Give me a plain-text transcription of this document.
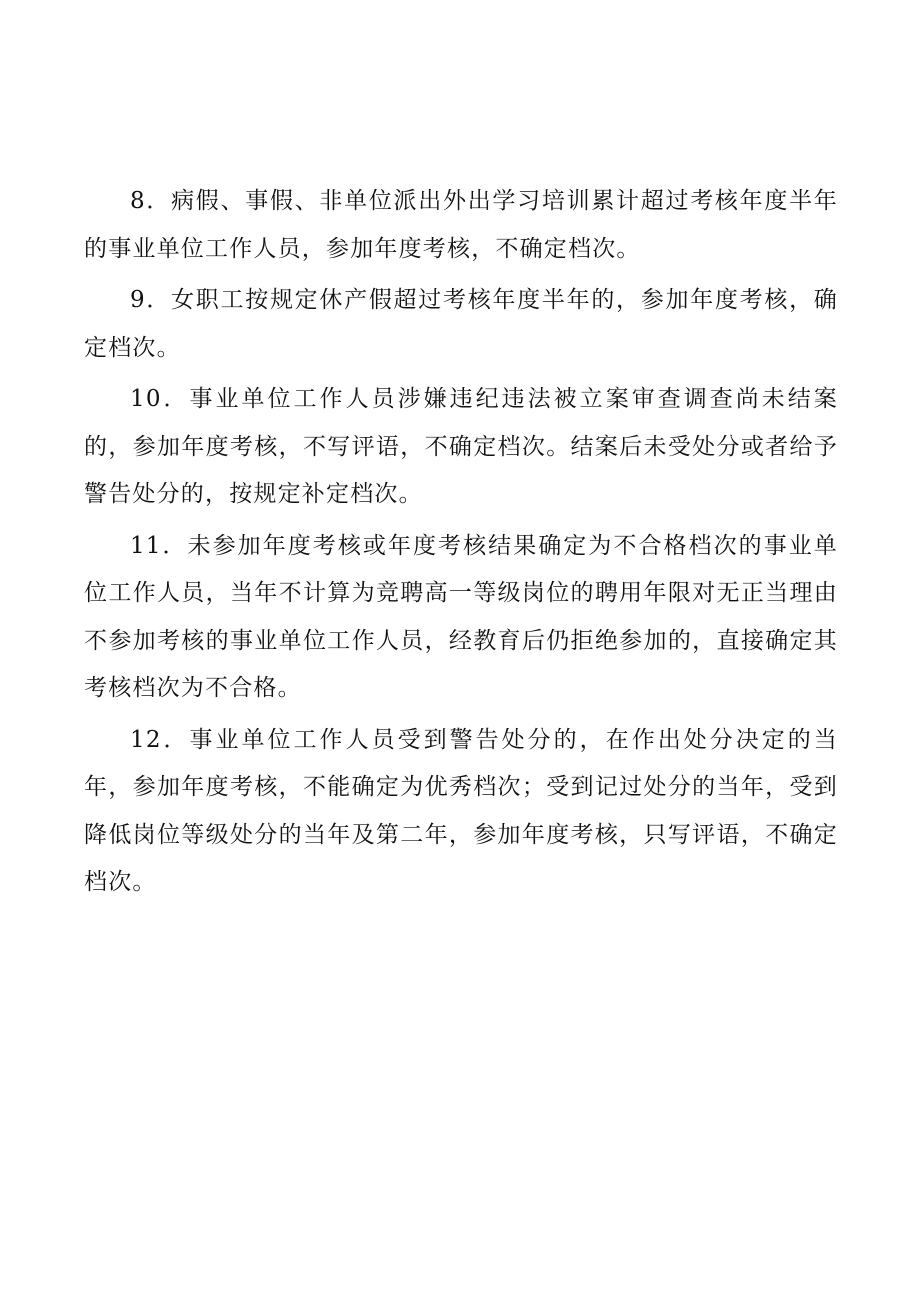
8．病假、事假、非单位派出外出学习培训累计超过考核年度半年的事业单位工作人员，参加年度考核，不确定档次。

9．女职工按规定休产假超过考核年度半年的，参加年度考核，确定档次。

10．事业单位工作人员涉嫌违纪违法被立案审查调查尚未结案的，参加年度考核，不写评语，不确定档次。结案后未受处分或者给予警告处分的，按规定补定档次。

11．未参加年度考核或年度考核结果确定为不合格档次的事业单位工作人员，当年不计算为竞聘高一等级岗位的聘用年限对无正当理由不参加考核的事业单位工作人员，经教育后仍拒绝参加的，直接确定其考核档次为不合格。

12．事业单位工作人员受到警告处分的，在作出处分决定的当年，参加年度考核，不能确定为优秀档次；受到记过处分的当年，受到降低岗位等级处分的当年及第二年，参加年度考核，只写评语，不确定档次。
